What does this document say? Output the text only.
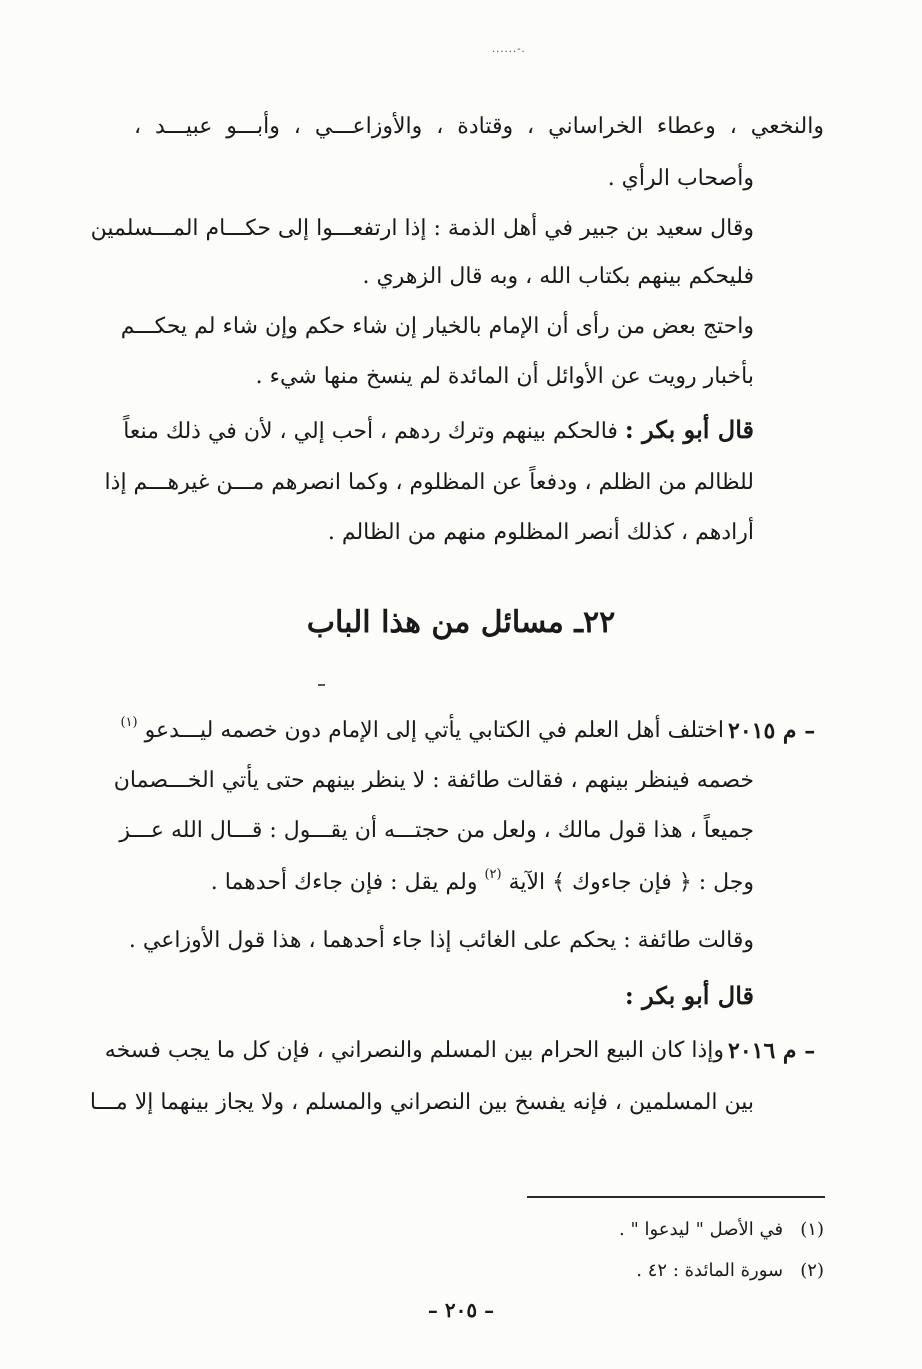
......-.
والنخعي ، وعطاء الخراساني ، وقتادة ، والأوزاعـــي ، وأبـــو عبيـــد ،
وأصحاب الرأي .
وقال سعيد بن جبير في أهل الذمة : إذا ارتفعـــوا إلى حكـــام المـــسلمين
فليحكم بينهم بكتاب الله ، وبه قال الزهري .
واحتج بعض من رأى أن الإمام بالخيار إن شاء حكم وإن شاء لم يحكـــم
بأخبار رويت عن الأوائل أن المائدة لم ينسخ منها شيء .
قال أبو بكر : فالحكم بينهم وترك ردهم ، أحب إلي ، لأن في ذلك منعاً
للظالم من الظلم ، ودفعاً عن المظلوم ، وكما انصرهم مـــن غيرهـــم إذا
أرادهم ، كذلك أنصر المظلوم منهم من الظالم .
٢٢ـ مسائل من هذا الباب
م ٢٠١٥ –
اختلف أهل العلم في الكتابي يأتي إلى الإمام دون خصمه ليـــدعو $^{(١)}$
خصمه فينظر بينهم ، فقالت طائفة : لا ينظر بينهم حتى يأتي الخـــصمان
جميعاً ، هذا قول مالك ، ولعل من حجتـــه أن يقـــول : قـــال الله عـــز
وجل : ﴿ فإن جاءوك ﴾ الآية $^{(٢)}$ ولم يقل : فإن جاءك أحدهما .
وقالت طائفة : يحكم على الغائب إذا جاء أحدهما ، هذا قول الأوزاعي .
قال أبو بكر :
م ٢٠١٦ –
وإذا كان البيع الحرام بين المسلم والنصراني ، فإن كل ما يجب فسخه
بين المسلمين ، فإنه يفسخ بين النصراني والمسلم ، ولا يجاز بينهما إلا مـــا
(١)   في الأصل " ليدعوا " .
(٢)   سورة المائدة : ٤٢ .
– ٢٠٥ –
